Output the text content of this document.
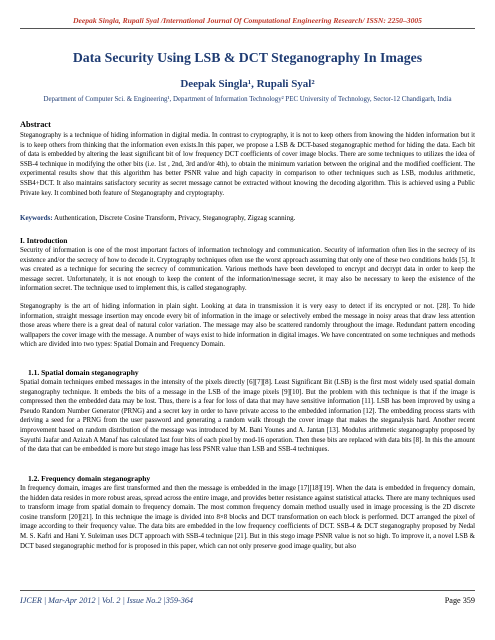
Deepak Singla, Rupali Syal /International Journal Of Computational Engineering Research/ ISSN: 2250–3005
Data Security Using LSB & DCT Steganography In Images
Deepak Singla¹, Rupali Syal²
Department of Computer Sci. & Engineering¹, Department of Information Technology² PEC University of Technology, Sector-12 Chandigarh, India
Abstract
Steganography is a technique of hiding information in digital media. In contrast to cryptography, it is not to keep others from knowing the hidden information but it is to keep others from thinking that the information even exists.In this paper, we propose a LSB & DCT-based steganographic method for hiding the data. Each bit of data is embedded by altering the least significant bit of low frequency DCT coefficients of cover image blocks. There are some techniques to utilizes the idea of SSB-4 technique in modifying the other bits (i.e. 1st , 2nd, 3rd and/or 4th), to obtain the minimum variation between the original and the modified coefficient. The experimental results show that this algorithm has better PSNR value and high capacity in comparison to other techniques such as LSB, modulus arithmetic, SSB4+DCT. It also maintains satisfactory security as secret message cannot be extracted without knowing the decoding algorithm. This is achieved using a Public Private key. It combined both feature of Steganography and cryptography.
Keywords: Authentication, Discrete Cosine Transform, Privacy, Steganography, Zigzag scanning.
I. Introduction
Security of information is one of the most important factors of information technology and communication. Security of information often lies in the secrecy of its existence and/or the secrecy of how to decode it. Cryptography techniques often use the worst approach assuming that only one of these two conditions holds [5]. It was created as a technique for securing the secrecy of communication. Various methods have been developed to encrypt and decrypt data in order to keep the message secret. Unfortunately, it is not enough to keep the content of the information/message secret, it may also be necessary to keep the existence of the information secret. The technique used to implement this, is called steganography.
Steganography is the art of hiding information in plain sight. Looking at data in transmission it is very easy to detect if its encrypted or not. [28]. To hide information, straight message insertion may encode every bit of information in the image or selectively embed the message in noisy areas that draw less attention those areas where there is a great deal of natural color variation. The message may also be scattered randomly throughout the image. Redundant pattern encoding wallpapers the cover image with the message. A number of ways exist to hide information in digital images. We have concentrated on some techniques and methods which are divided into two types: Spatial Domain and Frequency Domain.
1.1. Spatial domain steganography
Spatial domain techniques embed messages in the intensity of the pixels directly [6][7][8]. Least Significant Bit (LSB) is the first most widely used spatial domain steganography technique. It embeds the bits of a message in the LSB of the image pixels [9][10]. But the problem with this technique is that if the image is compressed then the embedded data may be lost. Thus, there is a fear for loss of data that may have sensitive information [11]. LSB has been improved by using a Pseudo Random Number Generator (PRNG) and a secret key in order to have private access to the embedded information [12]. The embedding process starts with deriving a seed for a PRNG from the user password and generating a random walk through the cover image that makes the steganalysis hard. Another recent improvement based on random distribution of the message was introduced by M. Bani Younes and A. Jantan [13]. Modulus arithmetic steganography proposed by Sayuthi Jaafar and Azizah A Manaf has calculated last four bits of each pixel by mod-16 operation. Then these bits are replaced with data bits [8]. In this the amount of the data that can be embedded is more but stego image has less PSNR value than LSB and SSB-4 techniques.
1.2. Frequency domain steganography
In frequency domain, images are first transformed and then the message is embedded in the image [17][18][19]. When the data is embedded in frequency domain, the hidden data resides in more robust areas, spread across the entire image, and provides better resistance against statistical attacks. There are many techniques used to transform image from spatial domain to frequency domain. The most common frequency domain method usually used in image processing is the 2D discrete cosine transform [20][21]. In this technique the image is divided into 8×8 blocks and DCT transformation on each block is performed. DCT arranged the pixel of image according to their frequency value. The data bits are embedded in the low frequency coefficients of DCT. SSB-4 & DCT steganography proposed by Nedal M. S. Kafri and Hani Y. Suleiman uses DCT approach with SSB-4 technique [21]. But in this stego image PSNR value is not so high. To improve it, a novel LSB & DCT based steganographic method for is proposed in this paper, which can not only preserve good image quality, but also
IJCER | Mar-Apr 2012 | Vol. 2 | Issue No.2 |359-364	Page 359
